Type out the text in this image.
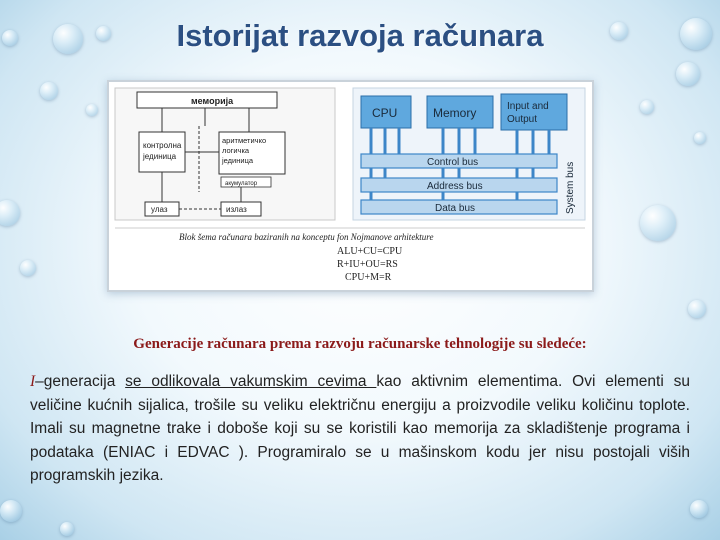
Istorijat razvoja računara
меморија
контролна
јединица
аритметичко
логичка
јединица
акумулатор
улаз	излаз
CPU	Memory	Input and
Output
Control bus
Address bus
Data bus	System bus
Blok šema računara baziranih na konceptu fon Nojmanove arhitekture
ALU+CU=CPU
R+IU+OU=RS
CPU+M=R
Generacije računara prema razvoju računarske tehnologije su sledeće:
I–generacija se odlikovala vakumskim cevima kao aktivnim elementima. Ovi elementi su veličine kućnih sijalica, trošile su veliku električnu energiju a proizvodile veliku količinu toplote. Imali su magnetne trake i doboše koji su se koristili kao memorija za skladištenje programa i podataka (ENIAC i EDVAC ). Programiralo se u mašinskom kodu jer nisu postojali viših programskih jezika.
